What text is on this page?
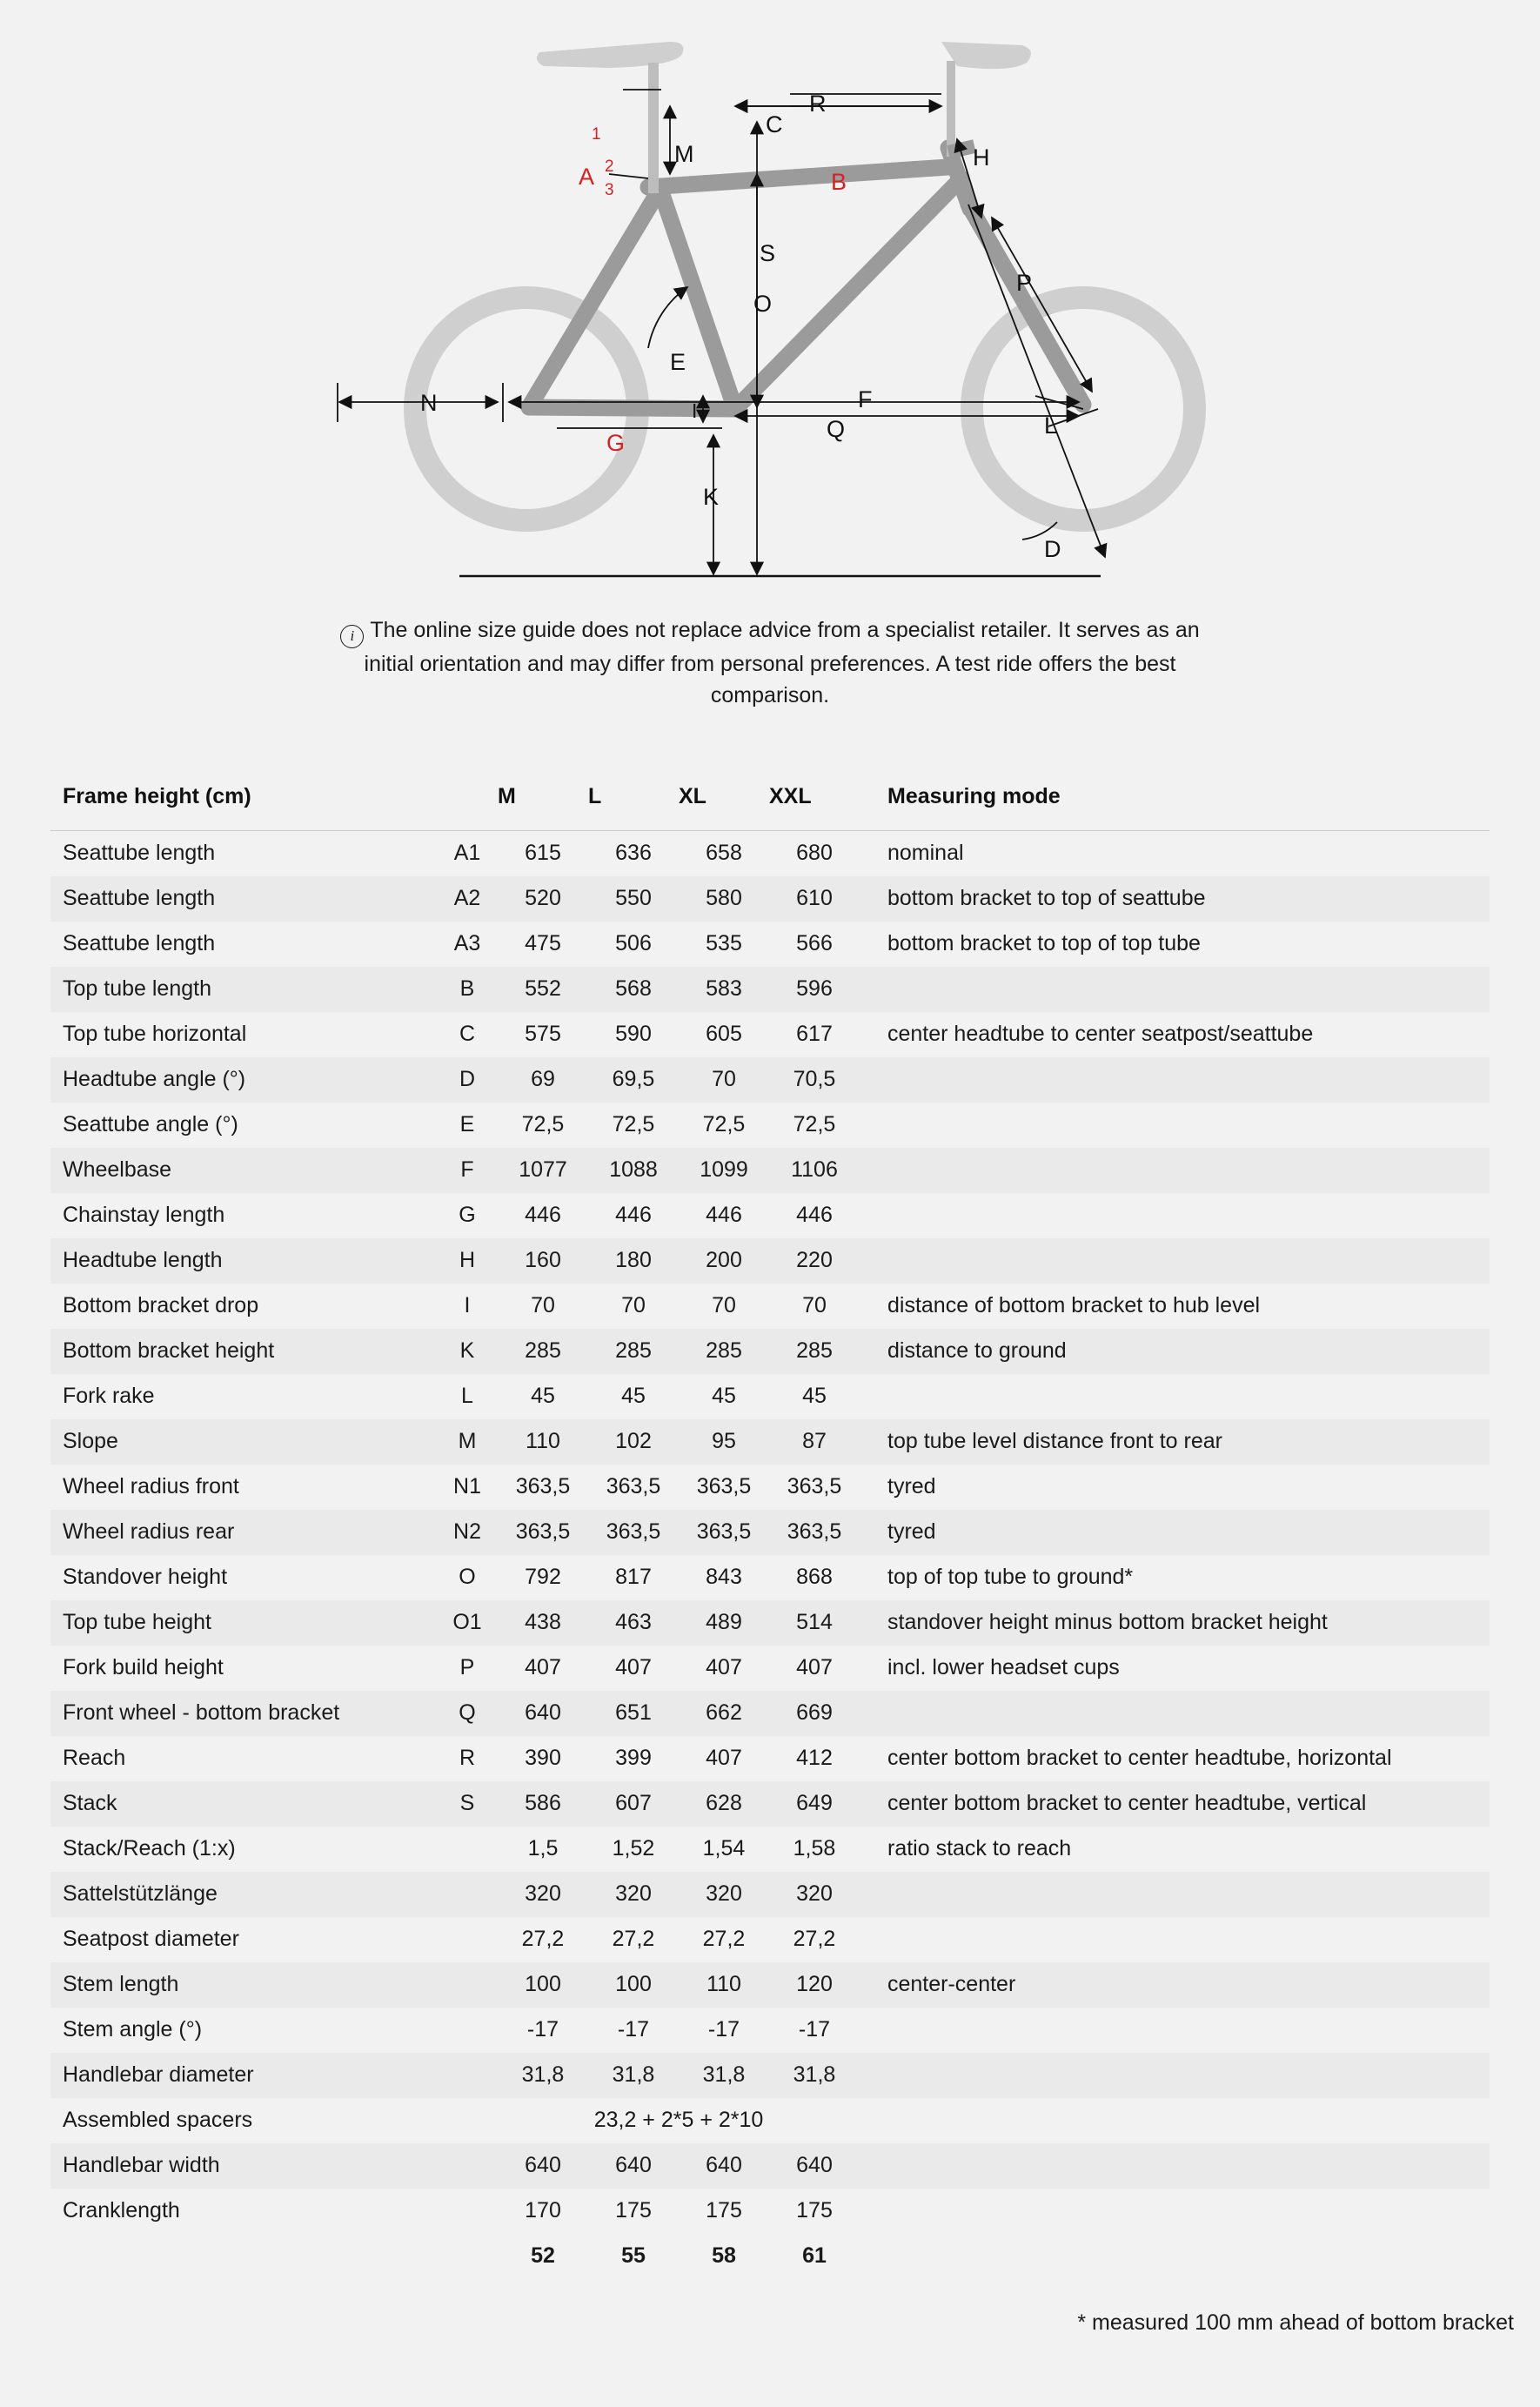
A
1
2
3	B
C
R
M	H
P
S
O
E
N
G
K
I	F
Q	L
D
i The online size guide does not replace advice from a specialist retailer. It serves as an initial orientation and may differ from personal preferences. A test ride offers the best comparison.
Frame height (cm)		M	L	XL	XXL	Measuring mode
Seattube length	A1	615	636	658	680	nominal
Seattube length	A2	520	550	580	610	bottom bracket to top of seattube
Seattube length	A3	475	506	535	566	bottom bracket to top of top tube
Top tube length	B	552	568	583	596	
Top tube horizontal	C	575	590	605	617	center headtube to center seatpost/seattube
Headtube angle (°)	D	69	69,5	70	70,5	
Seattube angle (°)	E	72,5	72,5	72,5	72,5	
Wheelbase	F	1077	1088	1099	1106	
Chainstay length	G	446	446	446	446	
Headtube length	H	160	180	200	220	
Bottom bracket drop	I	70	70	70	70	distance of bottom bracket to hub level
Bottom bracket height	K	285	285	285	285	distance to ground
Fork rake	L	45	45	45	45	
Slope	M	110	102	95	87	top tube level distance front to rear
Wheel radius front	N1	363,5	363,5	363,5	363,5	tyred
Wheel radius rear	N2	363,5	363,5	363,5	363,5	tyred
Standover height	O	792	817	843	868	top of top tube to ground*
Top tube height	O1	438	463	489	514	standover height minus bottom bracket height
Fork build height	P	407	407	407	407	incl. lower headset cups
Front wheel - bottom bracket	Q	640	651	662	669	
Reach	R	390	399	407	412	center bottom bracket to center headtube, horizontal
Stack	S	586	607	628	649	center bottom bracket to center headtube, vertical
Stack/Reach (1:x)		1,5	1,52	1,54	1,58	ratio stack to reach
Sattelstützlänge		320	320	320	320	
Seatpost diameter		27,2	27,2	27,2	27,2	
Stem length		100	100	110	120	center-center
Stem angle (°)		-17	-17	-17	-17	
Handlebar diameter		31,8	31,8	31,8	31,8	
Assembled spacers		23,2 + 2*5 + 2*10				
Handlebar width		640	640	640	640	
Cranklength		170	175	175	175	
		52	55	58	61	
* measured 100 mm ahead of bottom bracket
